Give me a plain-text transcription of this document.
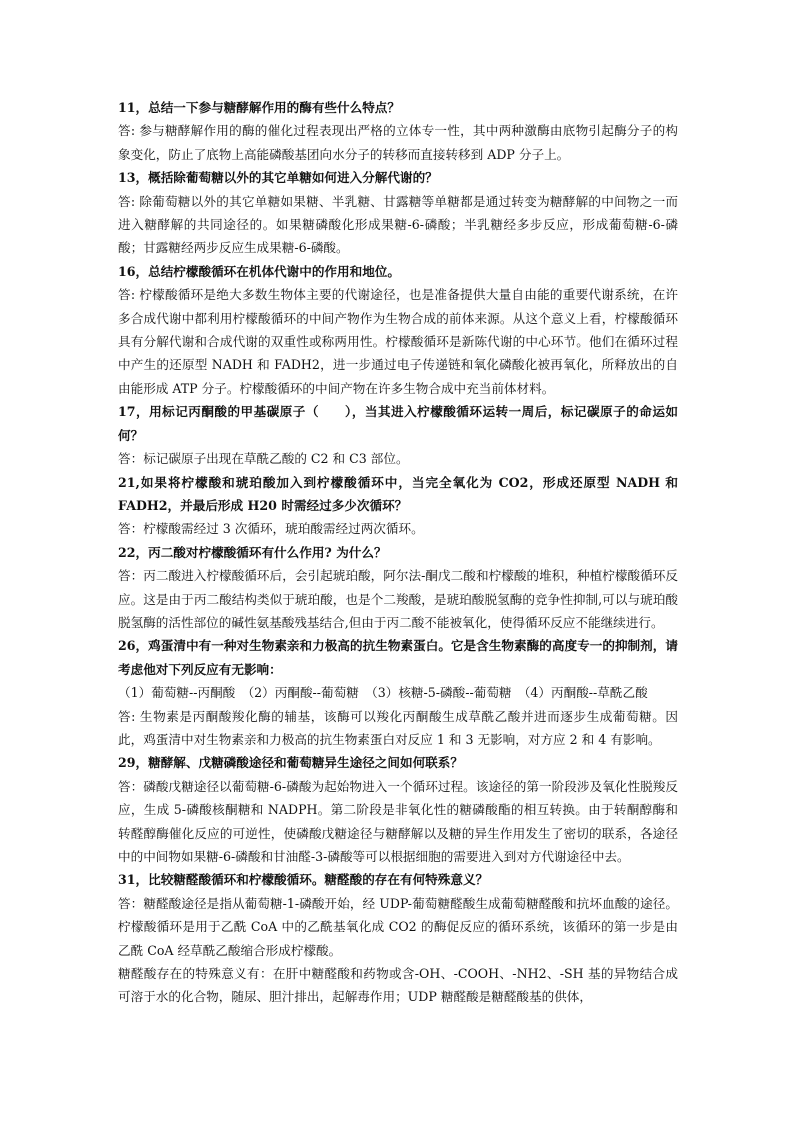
11，总结一下参与糖酵解作用的酶有些什么特点？

答: 参与糖酵解作用的酶的催化过程表现出严格的立体专一性，其中两种激酶由底物引起酶分子的构象变化，防止了底物上高能磷酸基团向水分子的转移而直接转移到 ADP 分子上。

13，概括除葡萄糖以外的其它单糖如何进入分解代谢的？

答: 除葡萄糖以外的其它单糖如果糖、半乳糖、甘露糖等单糖都是通过转变为糖酵解的中间物之一而进入糖酵解的共同途径的。如果糖磷酸化形成果糖-6-磷酸；半乳糖经多步反应，形成葡萄糖-6-磷酸；甘露糖经两步反应生成果糖-6-磷酸。

16，总结柠檬酸循环在机体代谢中的作用和地位。

答: 柠檬酸循环是绝大多数生物体主要的代谢途径，也是准备提供大量自由能的重要代谢系统，在许多合成代谢中都利用柠檬酸循环的中间产物作为生物合成的前体来源。从这个意义上看，柠檬酸循环具有分解代谢和合成代谢的双重性或称两用性。柠檬酸循环是新陈代谢的中心环节。他们在循环过程中产生的还原型 NADH 和 FADH2，进一步通过电子传递链和氧化磷酸化被再氧化，所释放出的自由能形成 ATP 分子。柠檬酸循环的中间产物在许多生物合成中充当前体材料。

17，用标记丙酮酸的甲基碳原子（　　），当其进入柠檬酸循环运转一周后，标记碳原子的命运如何？

答：标记碳原子出现在草酰乙酸的 C2 和 C3 部位。

21,如果将柠檬酸和琥珀酸加入到柠檬酸循环中，当完全氧化为 CO2，形成还原型 NADH 和 FADH2，并最后形成 H20 时需经过多少次循环？

答：柠檬酸需经过 3 次循环，琥珀酸需经过两次循环。

22，丙二酸对柠檬酸循环有什么作用? 为什么？

答：丙二酸进入柠檬酸循环后，会引起琥珀酸，阿尔法-酮戊二酸和柠檬酸的堆积，种植柠檬酸循环反应。这是由于丙二酸结构类似于琥珀酸，也是个二羧酸，是琥珀酸脱氢酶的竞争性抑制,可以与琥珀酸脱氢酶的活性部位的碱性氨基酸残基结合,但由于丙二酸不能被氧化，使得循环反应不能继续进行。

26，鸡蛋清中有一种对生物素亲和力极高的抗生物素蛋白。它是含生物素酶的高度专一的抑制剂，请考虑他对下列反应有无影响：

（1）葡萄糖--丙酮酸　（2）丙酮酸--葡萄糖　（3）核糖-5-磷酸--葡萄糖　（4）丙酮酸--草酰乙酸

答: 生物素是丙酮酸羧化酶的辅基，该酶可以羧化丙酮酸生成草酰乙酸并进而逐步生成葡萄糖。因此，鸡蛋清中对生物素亲和力极高的抗生物素蛋白对反应 1 和 3 无影响，对方应 2 和 4 有影响。

29，糖酵解、戊糖磷酸途径和葡萄糖异生途径之间如何联系？

答：磷酸戊糖途径以葡萄糖-6-磷酸为起始物进入一个循环过程。该途径的第一阶段涉及氧化性脱羧反应，生成 5-磷酸核酮糖和 NADPH。第二阶段是非氧化性的糖磷酸酯的相互转换。由于转酮醇酶和转醛醇酶催化反应的可逆性，使磷酸戊糖途径与糖酵解以及糖的异生作用发生了密切的联系，各途径中的中间物如果糖-6-磷酸和甘油醛-3-磷酸等可以根据细胞的需要进入到对方代谢途径中去。

31，比较糖醛酸循环和柠檬酸循环。糖醛酸的存在有何特殊意义？

答：糖醛酸途径是指从葡萄糖-1-磷酸开始，经 UDP-葡萄糖醛酸生成葡萄糖醛酸和抗坏血酸的途径。柠檬酸循环是用于乙酰 CoA 中的乙酰基氧化成 CO2 的酶促反应的循环系统，该循环的第一步是由乙酰 CoA 经草酰乙酸缩合形成柠檬酸。

糖醛酸存在的特殊意义有：在肝中糖醛酸和药物或含-OH、-COOH、-NH2、-SH 基的异物结合成可溶于水的化合物，随尿、胆汁排出，起解毒作用；UDP 糖醛酸是糖醛酸基的供体，
